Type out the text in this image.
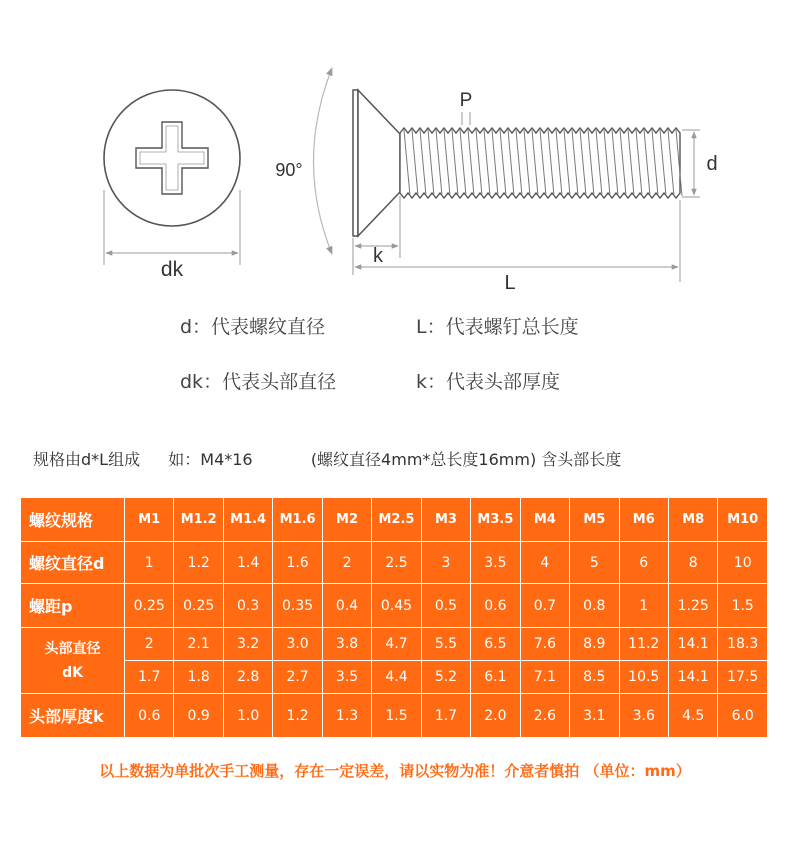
dk
90°
P
d
k
L
d：代表螺纹直径	L：代表螺钉总长度
dk：代表头部直径	k：代表头部厚度
规格由d*L组成 如：M4*16	(螺纹直径4mm*总长度16mm) 含头部长度
螺纹规格	M1	M1.2	M1.4	M1.6	M2	M2.5	M3	M3.5	M4	M5	M6	M8	M10
螺纹直径d	1	1.2	1.4	1.6	2	2.5	3	3.5	4	5	6	8	10
螺距p	0.25	0.25	0.3	0.35	0.4	0.45	0.5	0.6	0.7	0.8	1	1.25	1.5

头部直径
dK	2	2.1	3.2	3.0	3.8	4.7	5.5	6.5	7.6	8.9	11.2	14.1	18.3
	1.7	1.8	2.8	2.7	3.5	4.4	5.2	6.1	7.1	8.5	10.5	14.1	17.5
头部厚度k	0.6	0.9	1.0	1.2	1.3	1.5	1.7	2.0	2.6	3.1	3.6	4.5	6.0
以上数据为单批次手工测量，存在一定误差，请以实物为准！介意者慎拍 （单位：mm）
